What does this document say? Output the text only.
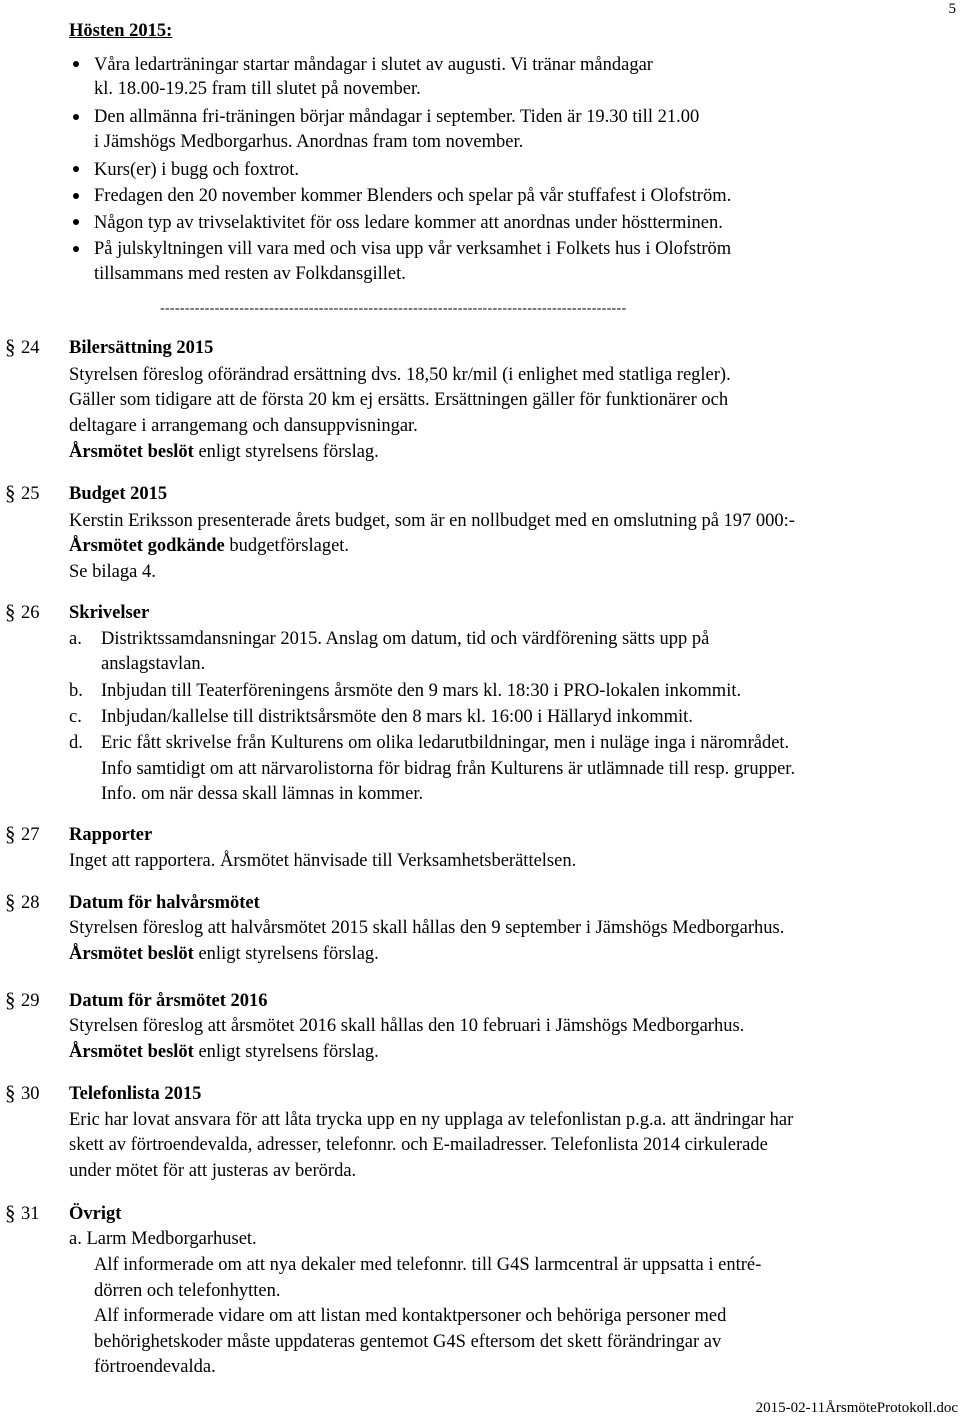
5
Hösten 2015:
Våra ledarträningar startar måndagar i slutet av augusti. Vi tränar måndagar
kl. 18.00-19.25 fram till slutet på november.
Den allmänna fri-träningen börjar måndagar i september. Tiden är 19.30 till 21.00
i Jämshögs Medborgarhus. Anordnas fram tom november.
Kurs(er) i bugg och foxtrot.
Fredagen den 20 november kommer Blenders och spelar på vår stuffafest i Olofström.
Någon typ av trivselaktivitet för oss ledare kommer att anordnas under höstterminen.
På julskyltningen vill vara med och visa upp vår verksamhet i Folkets hus i Olofström
tillsammans med resten av Folkdansgillet.
----------------------------------------------------------------------------------------------
§ 24 Bilersättning 2015
Styrelsen föreslog oförändrad ersättning dvs. 18,50 kr/mil (i enlighet med statliga regler).
Gäller som tidigare att de första 20 km ej ersätts. Ersättningen gäller för funktionärer och
deltagare i arrangemang och dansuppvisningar.
Årsmötet beslöt enligt styrelsens förslag.
§ 25 Budget 2015
Kerstin Eriksson presenterade årets budget, som är en nollbudget med en omslutning på 197 000:-
Årsmötet godkände budgetförslaget.
Se bilaga 4.
§ 26 Skrivelser
a. Distriktssamdansningar 2015. Anslag om datum, tid och värdförening sätts upp på
anslagstavlan.
b. Inbjudan till Teaterföreningens årsmöte den 9 mars kl. 18:30 i PRO-lokalen inkommit.
c. Inbjudan/kallelse till distriktsårsmöte den 8 mars kl. 16:00 i Hällaryd inkommit.
d. Eric fått skrivelse från Kulturens om olika ledarutbildningar, men i nuläge inga i närområdet.
Info samtidigt om att närvarolistorna för bidrag från Kulturens är utlämnade till resp. grupper.
Info. om när dessa skall lämnas in kommer.
§ 27 Rapporter
Inget att rapportera. Årsmötet hänvisade till Verksamhetsberättelsen.
§ 28 Datum för halvårsmötet
Styrelsen föreslog att halvårsmötet 2015 skall hållas den 9 september i Jämshögs Medborgarhus.
Årsmötet beslöt enligt styrelsens förslag.
§ 29 Datum för årsmötet 2016
Styrelsen föreslog att årsmötet 2016 skall hållas den 10 februari i Jämshögs Medborgarhus.
Årsmötet beslöt enligt styrelsens förslag.
§ 30 Telefonlista 2015
Eric har lovat ansvara för att låta trycka upp en ny upplaga av telefonlistan p.g.a. att ändringar har
skett av förtroendevalda, adresser, telefonnr. och E-mailadresser. Telefonlista 2014 cirkulerade
under mötet för att justeras av berörda.
§ 31 Övrigt
a. Larm Medborgarhuset.
Alf informerade om att nya dekaler med telefonnr. till G4S larmcentral är uppsatta i entré-
dörren och telefonhytten.
Alf informerade vidare om att listan med kontaktpersoner och behöriga personer med
behörighetskoder måste uppdateras gentemot G4S eftersom det skett förändringar av
förtroendevalda.
2015-02-11ÅrsmöteProtokoll.doc
